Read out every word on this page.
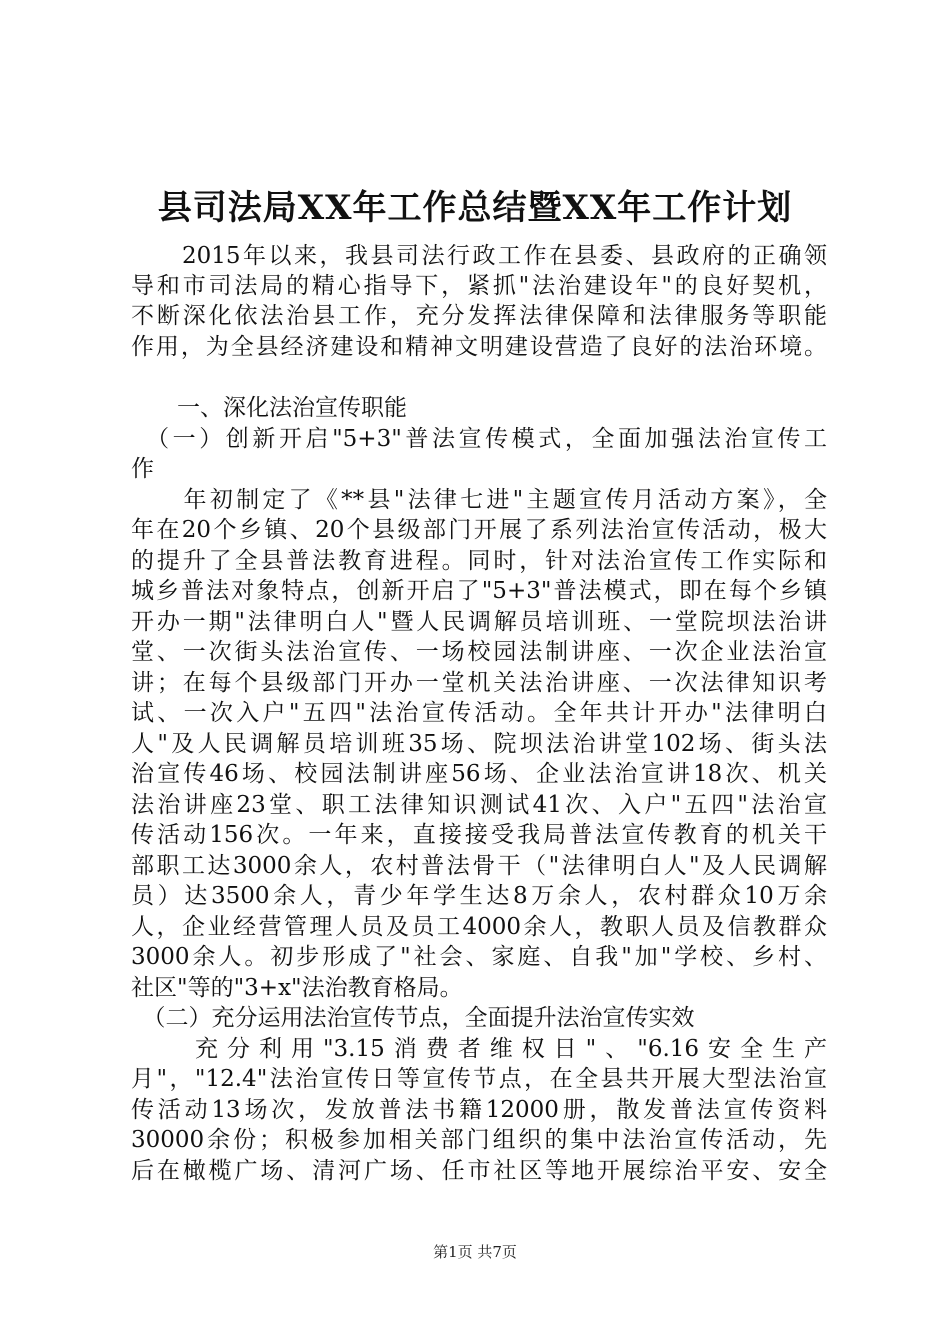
县司法局XX年工作总结暨XX年工作计划

　　2015年以来，我县司法行政工作在县委、县政府的正确领

导和市司法局的精心指导下，紧抓"法治建设年"的良好契机，

不断深化依法治县工作，充分发挥法律保障和法律服务等职能

作用，为全县经济建设和精神文明建设营造了良好的法治环境。

　　一、深化法治宣传职能

　（一）创新开启"5+3"普法宣传模式，全面加强法治宣传工

作

　　年初制定了《**县"法律七进"主题宣传月活动方案》，全

年在20个乡镇、20个县级部门开展了系列法治宣传活动，极大

的提升了全县普法教育进程。同时，针对法治宣传工作实际和

城乡普法对象特点，创新开启了"5+3"普法模式，即在每个乡镇

开办一期"法律明白人"暨人民调解员培训班、一堂院坝法治讲

堂、一次街头法治宣传、一场校园法制讲座、一次企业法治宣

讲；在每个县级部门开办一堂机关法治讲座、一次法律知识考

试、一次入户"五四"法治宣传活动。全年共计开办"法律明白

人"及人民调解员培训班35场、院坝法治讲堂102场、街头法

治宣传46场、校园法制讲座56场、企业法治宣讲18次、机关

法治讲座23堂、职工法律知识测试41次、入户"五四"法治宣

传活动156次。一年来，直接接受我局普法宣传教育的机关干

部职工达3000余人，农村普法骨干（"法律明白人"及人民调解

员）达3500余人，青少年学生达8万余人，农村群众10万余

人，企业经营管理人员及员工4000余人，教职人员及信教群众

3000余人。初步形成了"社会、家庭、自我"加"学校、乡村、

社区"等的"3+x"法治教育格局。

　（二）充分运用法治宣传节点，全面提升法治宣传实效

　　充分利用"3.15消费者维权日"、"6.16安全生产

月"，"12.4"法治宣传日等宣传节点，在全县共开展大型法治宣

传活动13场次，发放普法书籍12000册，散发普法宣传资料

30000余份；积极参加相关部门组织的集中法治宣传活动，先

后在橄榄广场、清河广场、任市社区等地开展综治平安、安全

第1页 共7页
